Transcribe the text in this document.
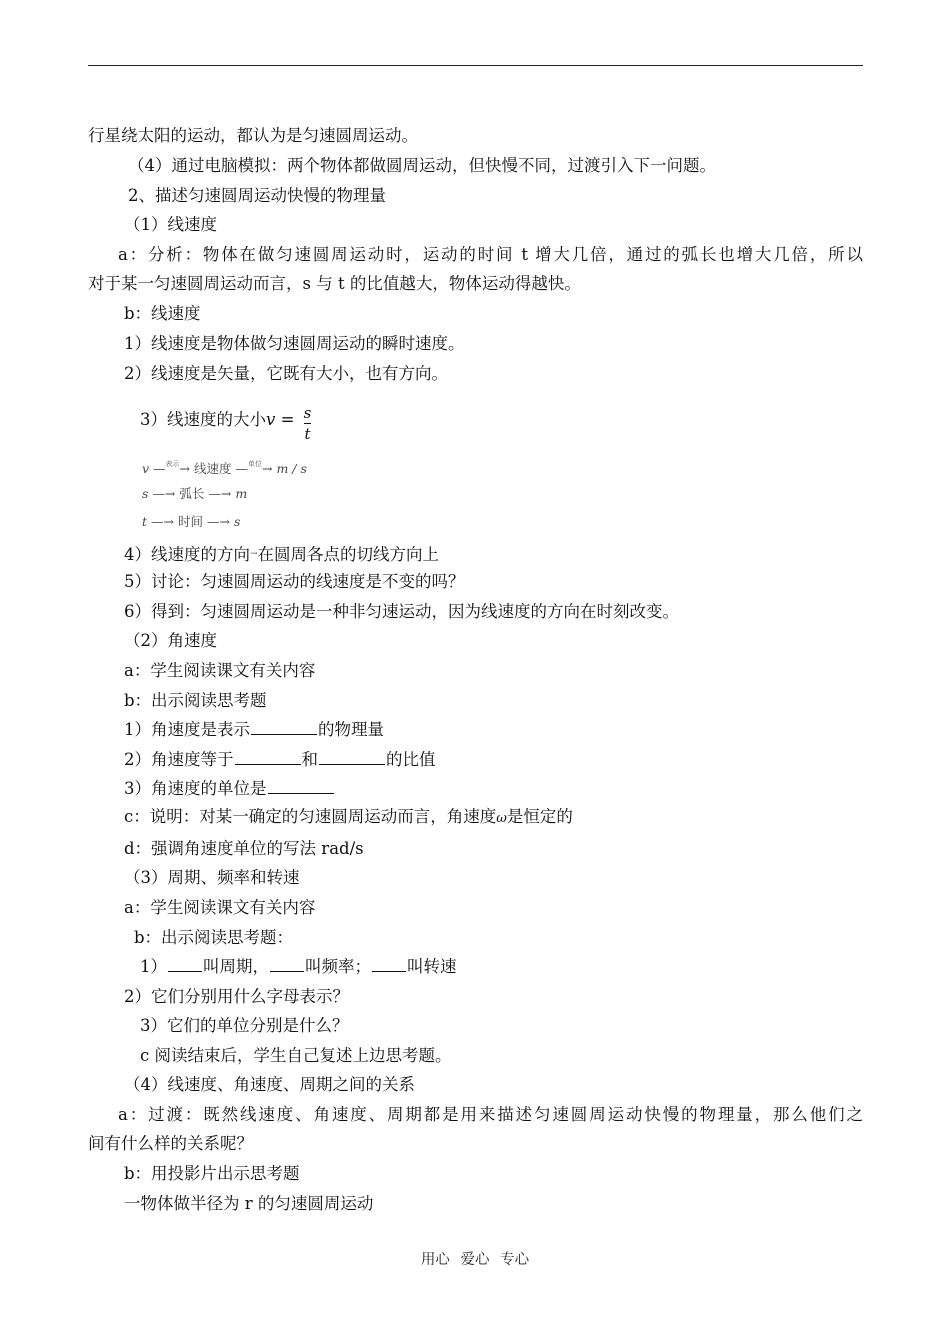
行星绕太阳的运动，都认为是匀速圆周运动。
（4）通过电脑模拟：两个物体都做圆周运动，但快慢不同，过渡引入下一问题。
2、描述匀速圆周运动快慢的物理量
（1）线速度
a：分析：物体在做匀速圆周运动时，运动的时间 t 增大几倍，通过的弧长也增大几倍，所以
对于某一匀速圆周运动而言，s 与 t 的比值越大，物体运动得越快。
b：线速度
1）线速度是物体做匀速圆周运动的瞬时速度。
2）线速度是矢量，它既有大小，也有方向。
3）线速度的大小$v = \frac{s}{t}$
v —$^{表示}$→ 线速度 —$^{单位}$→ m / s
s —→ 弧长 —→ m
t —→ 时间 —→ s
4）线速度的方向→在圆周各点的切线方向上
5）讨论：匀速圆周运动的线速度是不变的吗？
6）得到：匀速圆周运动是一种非匀速运动，因为线速度的方向在时刻改变。
（2）角速度
a：学生阅读课文有关内容
b：出示阅读思考题
1）角速度是表示	的物理量
2）角速度等于	和	的比值
3）角速度的单位是
c：说明：对某一确定的匀速圆周运动而言，角速度ω是恒定的
d：强调角速度单位的写法 rad/s
（3）周期、频率和转速
a：学生阅读课文有关内容
b：出示阅读思考题：
1） 叫周期， 叫频率； 叫转速
2）它们分别用什么字母表示？
3）它们的单位分别是什么？
c 阅读结束后，学生自己复述上边思考题。
（4）线速度、角速度、周期之间的关系
a：过渡：既然线速度、角速度、周期都是用来描述匀速圆周运动快慢的物理量，那么他们之
间有什么样的关系呢？
b：用投影片出示思考题
一物体做半径为 r 的匀速圆周运动
用心 爱心 专心
